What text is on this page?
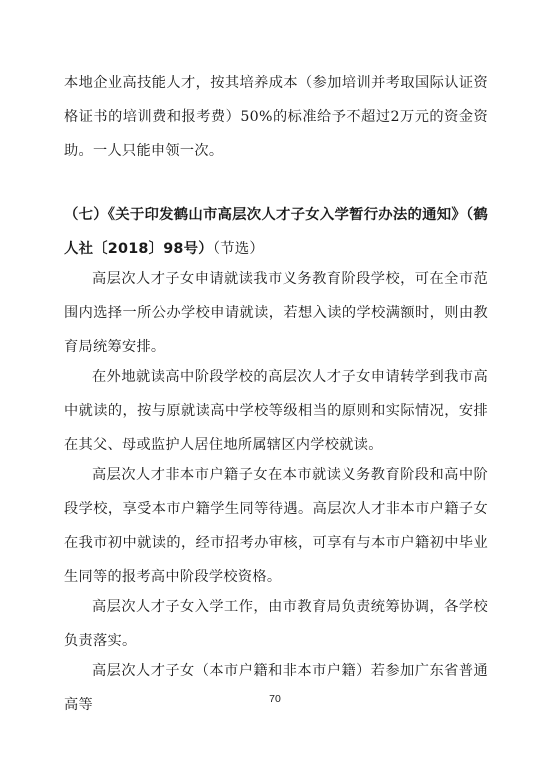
本地企业高技能人才，按其培养成本（参加培训并考取国际认证资格证书的培训费和报考费）50%的标准给予不超过2万元的资金资助。一人只能申领一次。

（七）《关于印发鹤山市高层次人才子女入学暂行办法的通知》（鹤人社〔2018〕98号）（节选）

高层次人才子女申请就读我市义务教育阶段学校，可在全市范围内选择一所公办学校申请就读，若想入读的学校满额时，则由教育局统筹安排。

在外地就读高中阶段学校的高层次人才子女申请转学到我市高中就读的，按与原就读高中学校等级相当的原则和实际情况，安排在其父、母或监护人居住地所属辖区内学校就读。

高层次人才非本市户籍子女在本市就读义务教育阶段和高中阶段学校，享受本市户籍学生同等待遇。高层次人才非本市户籍子女在我市初中就读的，经市招考办审核，可享有与本市户籍初中毕业生同等的报考高中阶段学校资格。

高层次人才子女入学工作，由市教育局负责统筹协调，各学校负责落实。

高层次人才子女（本市户籍和非本市户籍）若参加广东省普通高等	70
